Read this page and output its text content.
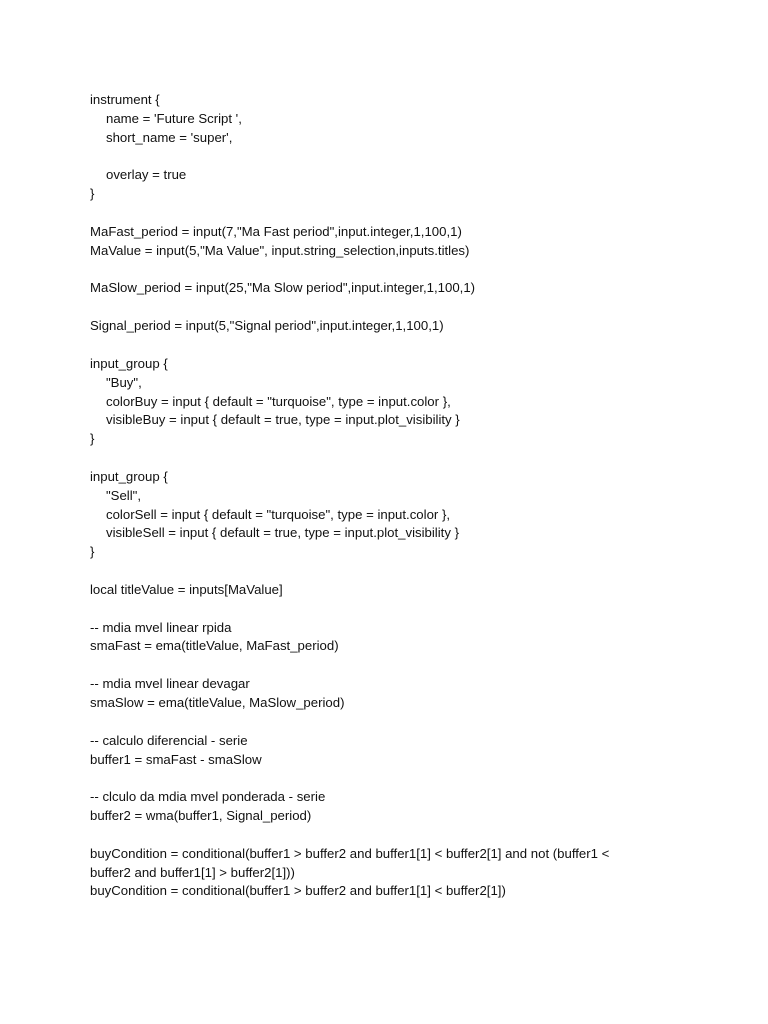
instrument {
name = 'Future Script ',
short_name = 'super',
overlay = true
}
MaFast_period = input(7,"Ma Fast period",input.integer,1,100,1)
MaValue = input(5,"Ma Value", input.string_selection,inputs.titles)
MaSlow_period = input(25,"Ma Slow period",input.integer,1,100,1)
Signal_period = input(5,"Signal period",input.integer,1,100,1)
input_group {
"Buy",
colorBuy = input { default = "turquoise", type = input.color },
visibleBuy = input { default = true, type = input.plot_visibility }
}
input_group {
"Sell",
colorSell = input { default = "turquoise", type = input.color },
visibleSell = input { default = true, type = input.plot_visibility }
}
local titleValue = inputs[MaValue]
-- mdia mvel linear rpida
smaFast = ema(titleValue, MaFast_period)
-- mdia mvel linear devagar
smaSlow = ema(titleValue, MaSlow_period)
-- calculo diferencial - serie
buffer1 = smaFast - smaSlow
-- clculo da mdia mvel ponderada - serie
buffer2 = wma(buffer1, Signal_period)
buyCondition = conditional(buffer1 > buffer2 and buffer1[1] < buffer2[1] and not (buffer1 <
buffer2 and buffer1[1] > buffer2[1]))
buyCondition = conditional(buffer1 > buffer2 and buffer1[1] < buffer2[1])
